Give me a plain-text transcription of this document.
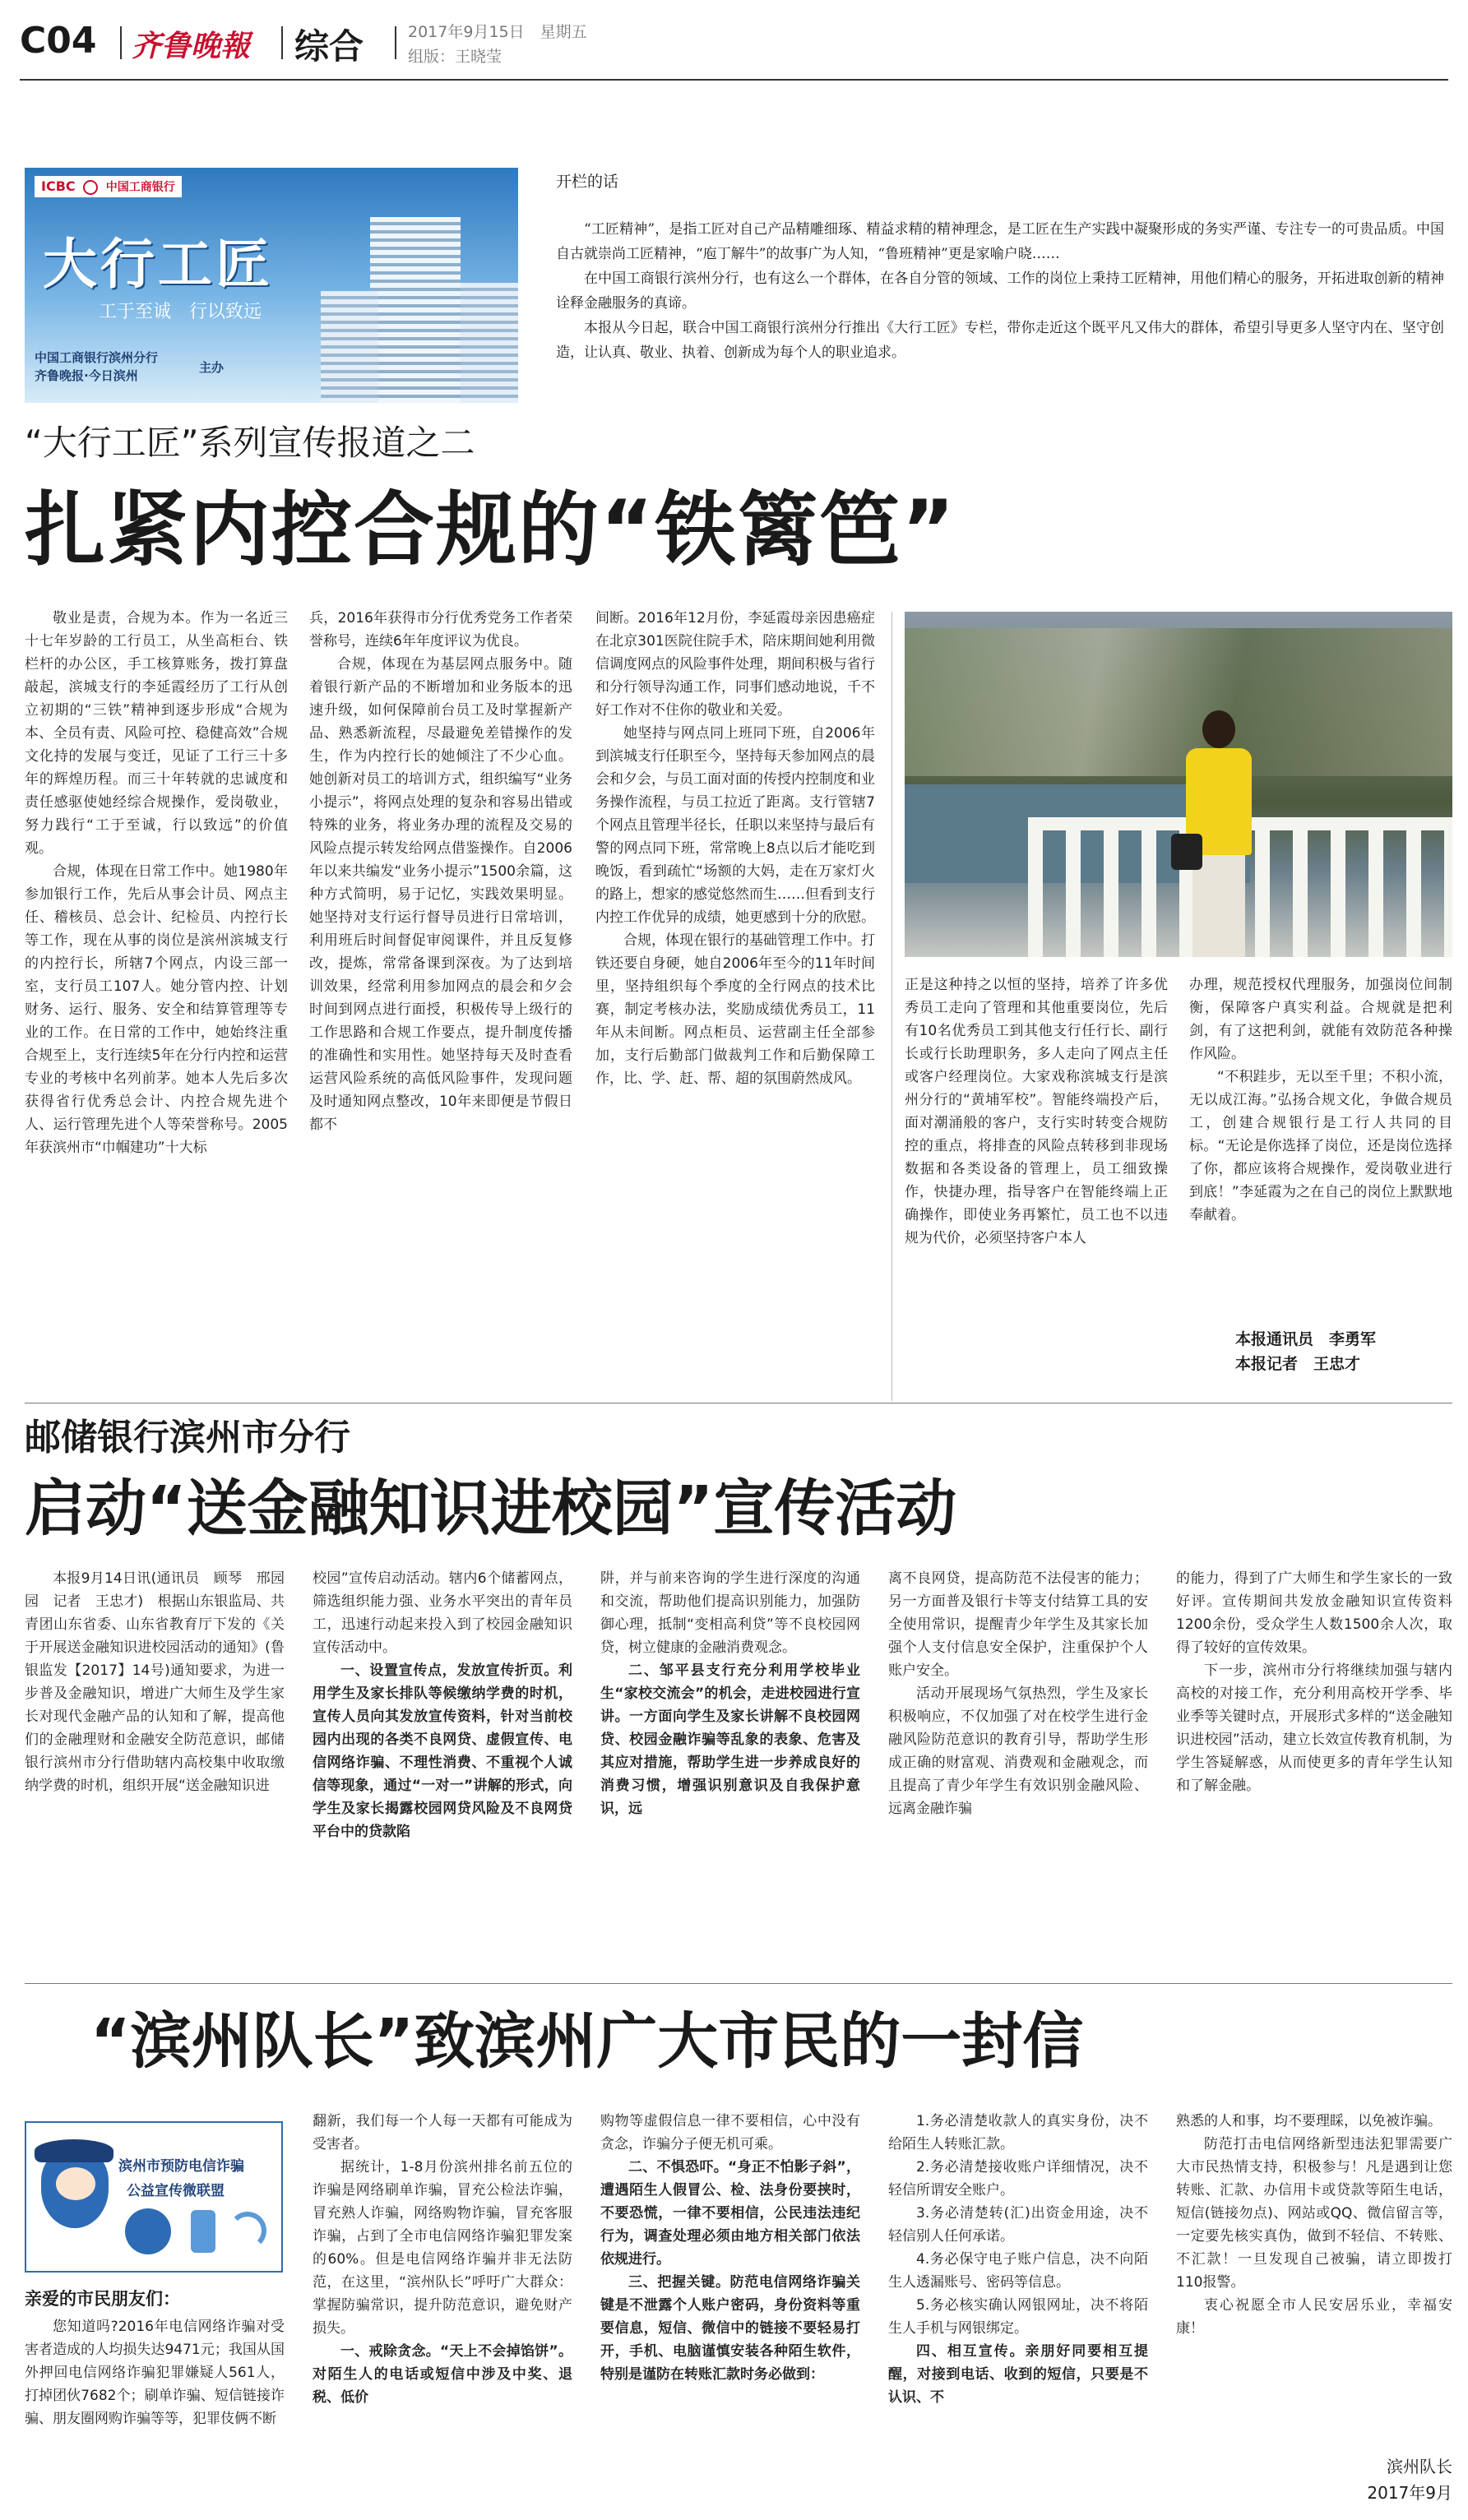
C04 齐鲁晚報 综合	2017年9月15日　星期五
组版：王晓莹
ICBC	中国工商银行
大行工匠
工于至诚　行以致远
中国工商银行滨州分行
齐鲁晚报·今日滨州
主办
开栏的话

“工匠精神”，是指工匠对自己产品精雕细琢、精益求精的精神理念，是工匠在生产实践中凝聚形成的务实严谨、专注专一的可贵品质。中国自古就崇尚工匠精神，“庖丁解牛”的故事广为人知，“鲁班精神”更是家喻户晓……

在中国工商银行滨州分行，也有这么一个群体，在各自分管的领域、工作的岗位上秉持工匠精神，用他们精心的服务，开拓进取创新的精神诠释金融服务的真谛。

本报从今日起，联合中国工商银行滨州分行推出《大行工匠》专栏，带你走近这个既平凡又伟大的群体，希望引导更多人坚守内在、坚守创造，让认真、敬业、执着、创新成为每个人的职业追求。

“大行工匠”系列宣传报道之二
扎紧内控合规的“铁篱笆”

敬业是责，合规为本。作为一名近三十七年岁龄的工行员工，从坐高柜台、铁栏杆的办公区，手工核算账务，拨打算盘敲起，滨城支行的李延霞经历了工行从创立初期的“三铁”精神到逐步形成“合规为本、全员有责、风险可控、稳健高效”合规文化持的发展与变迁，见证了工行三十多年的辉煌历程。而三十年转就的忠诚度和责任感驱使她经综合规操作，爱岗敬业，努力践行“工于至诚，行以致远”的价值观。

合规，体现在日常工作中。她1980年参加银行工作，先后从事会计员、网点主任、稽核员、总会计、纪检员、内控行长等工作，现在从事的岗位是滨州滨城支行的内控行长，所辖7个网点，内设三部一室，支行员工107人。她分管内控、计划财务、运行、服务、安全和结算管理等专业的工作。在日常的工作中，她始终注重合规至上，支行连续5年在分行内控和运营专业的考核中名列前茅。她本人先后多次获得省行优秀总会计、内控合规先进个人、运行管理先进个人等荣誉称号。2005年获滨州市“巾帼建功”十大标

兵，2016年获得市分行优秀党务工作者荣誉称号，连续6年年度评议为优良。

合规，体现在为基层网点服务中。随着银行新产品的不断增加和业务版本的迅速升级，如何保障前台员工及时掌握新产品、熟悉新流程，尽最避免差错操作的发生，作为内控行长的她倾注了不少心血。她创新对员工的培训方式，组织编写“业务小提示”，将网点处理的复杂和容易出错或特殊的业务，将业务办理的流程及交易的风险点提示转发给网点借鉴操作。自2006年以来共编发“业务小提示”1500余篇，这种方式简明，易于记忆，实践效果明显。她坚持对支行运行督导员进行日常培训，利用班后时间督促审阅课件，并且反复修改，提炼，常常备课到深夜。为了达到培训效果，经常利用参加网点的晨会和夕会时间到网点进行面授，积极传导上级行的工作思路和合规工作要点，提升制度传播的准确性和实用性。她坚持每天及时查看运营风险系统的高低风险事件，发现问题及时通知网点整改，10年来即便是节假日都不

间断。2016年12月份，李延霞母亲因患癌症在北京301医院住院手术，陪床期间她利用微信调度网点的风险事件处理，期间积极与省行和分行领导沟通工作，同事们感动地说，千不好工作对不住你的敬业和关爱。

她坚持与网点同上班同下班，自2006年到滨城支行任职至今，坚持每天参加网点的晨会和夕会，与员工面对面的传授内控制度和业务操作流程，与员工拉近了距离。支行管辖7个网点且管理半径长，任职以来坚持与最后有警的网点同下班，常常晚上8点以后才能吃到晚饭，看到疏忙“场额的大妈，走在万家灯火的路上，想家的感觉悠然而生……但看到支行内控工作优异的成绩，她更感到十分的欣慰。

合规，体现在银行的基础管理工作中。打铁还要自身硬，她自2006年至今的11年时间里，坚持组织每个季度的全行网点的技术比赛，制定考核办法，奖励成绩优秀员工，11年从未间断。网点柜员、运营副主任全部参加，支行后勤部门做裁判工作和后勤保障工作，比、学、赶、帮、超的氛围蔚然成风。

正是这种持之以恒的坚持，培养了许多优秀员工走向了管理和其他重要岗位，先后有10名优秀员工到其他支行任行长、副行长或行长助理职务，多人走向了网点主任或客户经理岗位。大家戏称滨城支行是滨州分行的“黄埔军校”。智能终端投产后，面对潮涌般的客户，支行实时转变合规防控的重点，将排查的风险点转移到非现场数据和各类设备的管理上，员工细致操作，快捷办理，指导客户在智能终端上正确操作，即使业务再繁忙，员工也不以违规为代价，必须坚持客户本人

办理，规范授权代理服务，加强岗位间制衡，保障客户真实利益。合规就是把利剑，有了这把利剑，就能有效防范各种操作风险。

“不积跬步，无以至千里；不积小流，无以成江海。”弘扬合规文化，争做合规员工，创建合规银行是工行人共同的目标。“无论是你选择了岗位，还是岗位选择了你，都应该将合规操作，爱岗敬业进行到底！”李延霞为之在自己的岗位上默默地奉献着。

本报通讯员　李勇军
本报记者　王忠才
邮储银行滨州市分行
启动“送金融知识进校园”宣传活动

本报9月14日讯(通讯员　顾琴　邢园园　记者　王忠才)　根据山东银监局、共青团山东省委、山东省教育厅下发的《关于开展送金融知识进校园活动的通知》(鲁银监发【2017】14号)通知要求，为进一步普及金融知识，增进广大师生及学生家长对现代金融产品的认知和了解，提高他们的金融理财和金融安全防范意识，邮储银行滨州市分行借助辖内高校集中收取缴纳学费的时机，组织开展“送金融知识进

校园”宣传启动活动。辖内6个储蓄网点，筛选组织能力强、业务水平突出的青年员工，迅速行动起来投入到了校园金融知识宣传活动中。

一、设置宣传点，发放宣传折页。利用学生及家长排队等候缴纳学费的时机，宣传人员向其发放宣传资料，针对当前校园内出现的各类不良网贷、虚假宣传、电信网络诈骗、不理性消费、不重视个人诚信等现象，通过“一对一”讲解的形式，向学生及家长揭露校园网贷风险及不良网贷平台中的贷款陷

阱，并与前来咨询的学生进行深度的沟通和交流，帮助他们提高识别能力，加强防御心理，抵制“变相高利贷”等不良校园网贷，树立健康的金融消费观念。

二、邹平县支行充分利用学校毕业生“家校交流会”的机会，走进校园进行宣讲。一方面向学生及家长讲解不良校园网贷、校园金融诈骗等乱象的表象、危害及其应对措施，帮助学生进一步养成良好的消费习惯，增强识别意识及自我保护意识，远

离不良网贷，提高防范不法侵害的能力；另一方面普及银行卡等支付结算工具的安全使用常识，提醒青少年学生及其家长加强个人支付信息安全保护，注重保护个人账户安全。

活动开展现场气氛热烈，学生及家长积极响应，不仅加强了对在校学生进行金融风险防范意识的教育引导，帮助学生形成正确的财富观、消费观和金融观念，而且提高了青少年学生有效识别金融风险、远离金融诈骗

的能力，得到了广大师生和学生家长的一致好评。宣传期间共发放金融知识宣传资料1200余份，受众学生人数1500余人次，取得了较好的宣传效果。

下一步，滨州市分行将继续加强与辖内高校的对接工作，充分利用高校开学季、毕业季等关键时点，开展形式多样的“送金融知识进校园”活动，建立长效宣传教育机制，为学生答疑解惑，从而使更多的青年学生认知和了解金融。

“滨州队长”致滨州广大市民的一封信
滨州市预防电信诈骗
公益宣传微联盟
亲爱的市民朋友们：

您知道吗?2016年电信网络诈骗对受害者造成的人均损失达9471元；我国从国外押回电信网络诈骗犯罪嫌疑人561人，打掉团伙7682个；刷单诈骗、短信链接诈骗、朋友圈网购诈骗等等，犯罪伎俩不断

翻新，我们每一个人每一天都有可能成为受害者。

据统计，1-8月份滨州排名前五位的诈骗是网络刷单诈骗，冒充公检法诈骗，冒充熟人诈骗，网络购物诈骗，冒充客服诈骗，占到了全市电信网络诈骗犯罪发案的60%。但是电信网络诈骗并非无法防范，在这里，“滨州队长”呼吁广大群众：掌握防骗常识，提升防范意识，避免财产损失。

一、戒除贪念。“天上不会掉馅饼”。对陌生人的电话或短信中涉及中奖、退税、低价

购物等虚假信息一律不要相信，心中没有贪念，诈骗分子便无机可乘。

二、不惧恐吓。“身正不怕影子斜”，遭遇陌生人假冒公、检、法身份要挟时，不要恐慌，一律不要相信，公民违法违纪行为，调查处理必须由地方相关部门依法依规进行。

三、把握关键。防范电信网络诈骗关键是不泄露个人账户密码，身份资料等重要信息，短信、微信中的链接不要轻易打开，手机、电脑谨慎安装各种陌生软件，特别是谨防在转账汇款时务必做到：

1.务必清楚收款人的真实身份，决不给陌生人转账汇款。

2.务必清楚接收账户详细情况，决不轻信所谓安全账户。

3.务必清楚转(汇)出资金用途，决不轻信别人任何承诺。

4.务必保守电子账户信息，决不向陌生人透漏账号、密码等信息。

5.务必核实确认网银网址，决不将陌生人手机与网银绑定。

四、相互宣传。亲朋好同要相互提醒，对接到电话、收到的短信，只要是不认识、不

熟悉的人和事，均不要理睬，以免被诈骗。

防范打击电信网络新型违法犯罪需要广大市民热情支持，积极参与！凡是遇到让您转账、汇款、办信用卡或贷款等陌生电话，短信(链接勿点)、网站或QQ、微信留言等，一定要先核实真伪，做到不轻信、不转账、不汇款！一旦发现自己被骗，请立即拨打110报警。

衷心祝愿全市人民安居乐业，幸福安康！

滨州队长
2017年9月
